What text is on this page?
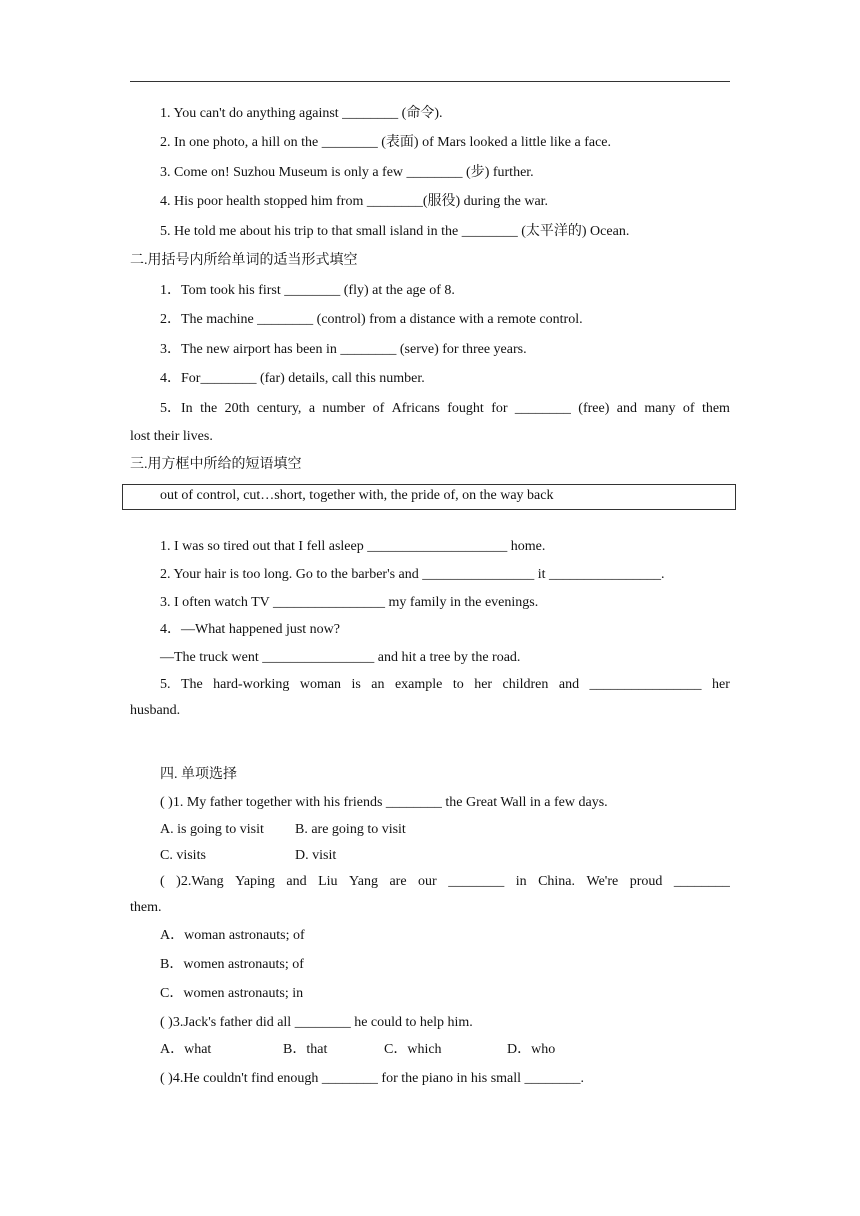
1. You can't do anything against ________ (命令).
2. In one photo, a hill on the ________ (表面) of Mars looked a little like a face.
3. Come on! Suzhou Museum is only a few ________ (步) further.
4. His poor health stopped him from ________(服役) during the war.
5. He told me about his trip to that small island in the ________ (太平洋的) Ocean.
二.用括号内所给单词的适当形式填空
1．Tom took his first ________ (fly) at the age of 8.
2．The machine ________ (control) from a distance with a remote control.
3．The new airport has been in ________ (serve) for three years.
4．For________ (far) details, call this number.
5．In the 20th century, a number of Africans fought for ________ (free) and many of them
lost their lives.
三.用方框中所给的短语填空
out of control, cut…short, together with, the pride of, on the way back
1. I was so tired out that I fell asleep ____________________ home.
2. Your hair is too long. Go to the barber's and ________________ it ________________.
3. I often watch TV ________________ my family in the evenings.
4．—What happened just now?
—The truck went ________________ and hit a tree by the road.
5. The hard-working woman is an example to her children and ________________ her
husband.
四. 单项选择
( )1. My father together with his friends ________ the Great Wall in a few days.
A. is going to visit B. are going to visit
C. visits	D. visit
( )2.Wang Yaping and Liu Yang are our ________ in China. We're proud ________
them.
A．woman astronauts; of
B．women astronauts; of
C．women astronauts; in
( )3.Jack's father did all ________ he could to help him.
A．what	B．that	C．which	D．who
( )4.He couldn't find enough ________ for the piano in his small ________.
